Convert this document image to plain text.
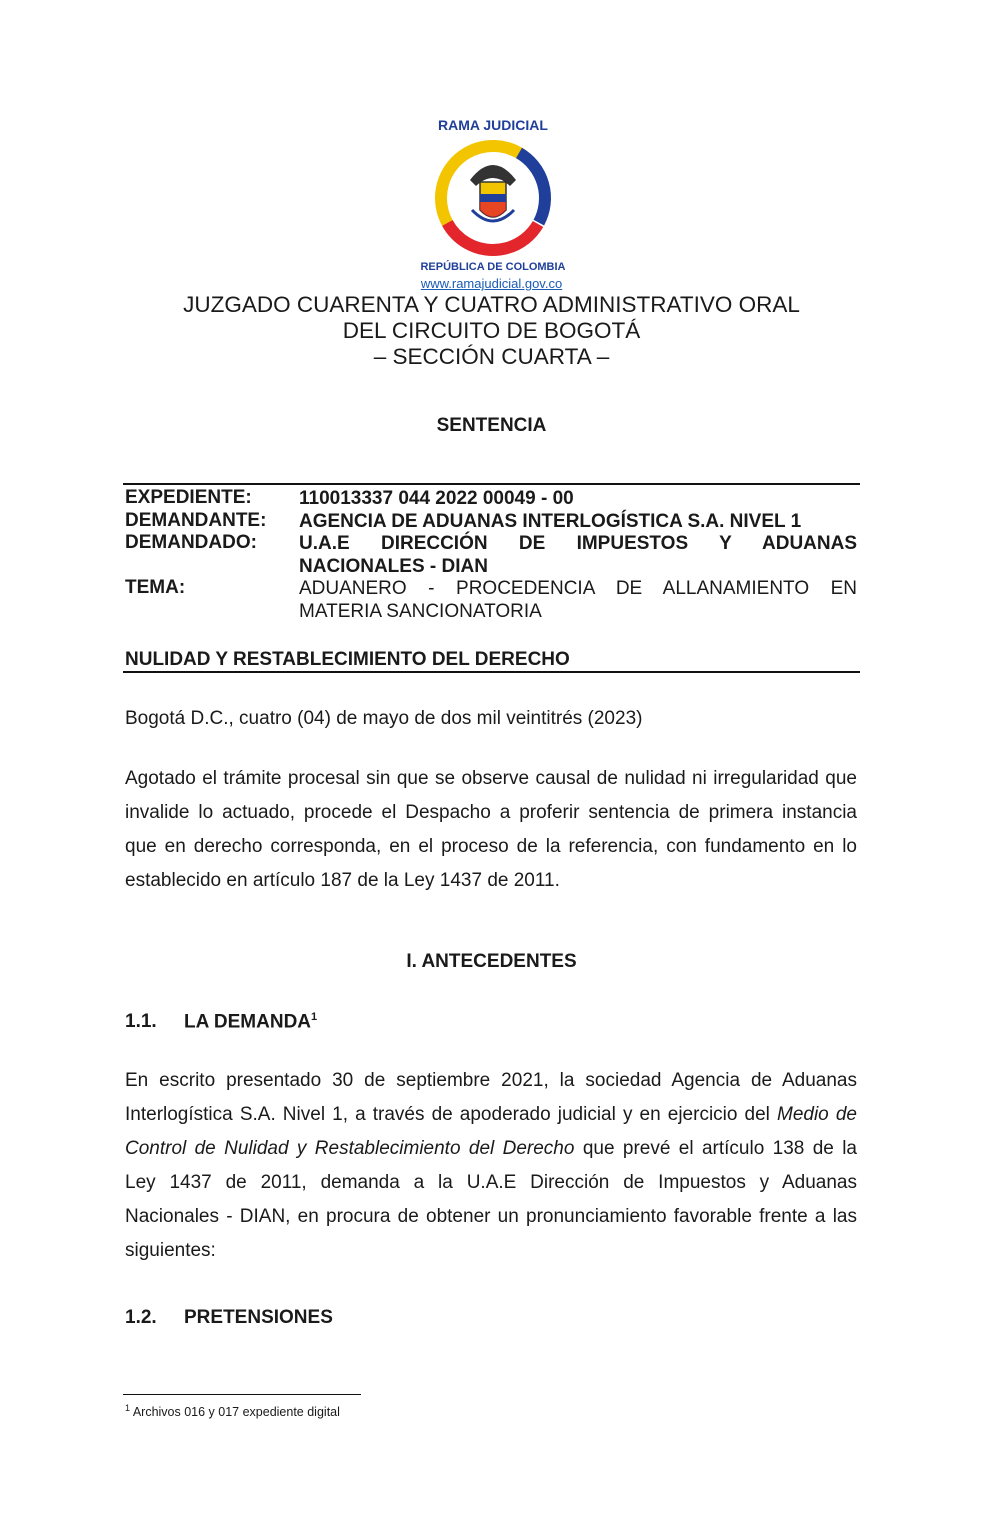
RAMA JUDICIAL
REPÚBLICA DE COLOMBIA
www.ramajudicial.gov.co
JUZGADO CUARENTA Y CUATRO ADMINISTRATIVO ORAL
DEL CIRCUITO DE BOGOTÁ
– SECCIÓN CUARTA –
SENTENCIA
EXPEDIENTE: 110013337 044 2022 00049 - 00
DEMANDANTE: AGENCIA DE ADUANAS INTERLOGÍSTICA S.A. NIVEL 1
DEMANDADO: U.A.E DIRECCIÓN DE IMPUESTOS Y ADUANAS
NACIONALES - DIAN
TEMA:	ADUANERO - PROCEDENCIA DE ALLANAMIENTO EN
MATERIA SANCIONATORIA
NULIDAD Y RESTABLECIMIENTO DEL DERECHO
Bogotá D.C., cuatro (04) de mayo de dos mil veintitrés (2023)
Agotado el trámite procesal sin que se observe causal de nulidad ni irregularidad que
invalide lo actuado, procede el Despacho a proferir sentencia de primera instancia
que en derecho corresponda, en el proceso de la referencia, con fundamento en lo
establecido en artículo 187 de la Ley 1437 de 2011.
I. ANTECEDENTES
1.1. LA DEMANDA$^1$
En escrito presentado 30 de septiembre 2021, la sociedad Agencia de Aduanas
Interlogística S.A. Nivel 1, a través de apoderado judicial y en ejercicio del Medio de
Control de Nulidad y Restablecimiento del Derecho que prevé el artículo 138 de la
Ley 1437 de 2011, demanda a la U.A.E Dirección de Impuestos y Aduanas
Nacionales - DIAN, en procura de obtener un pronunciamiento favorable frente a las
siguientes:
1.2. PRETENSIONES
$^1$ Archivos 016 y 017 expediente digital
